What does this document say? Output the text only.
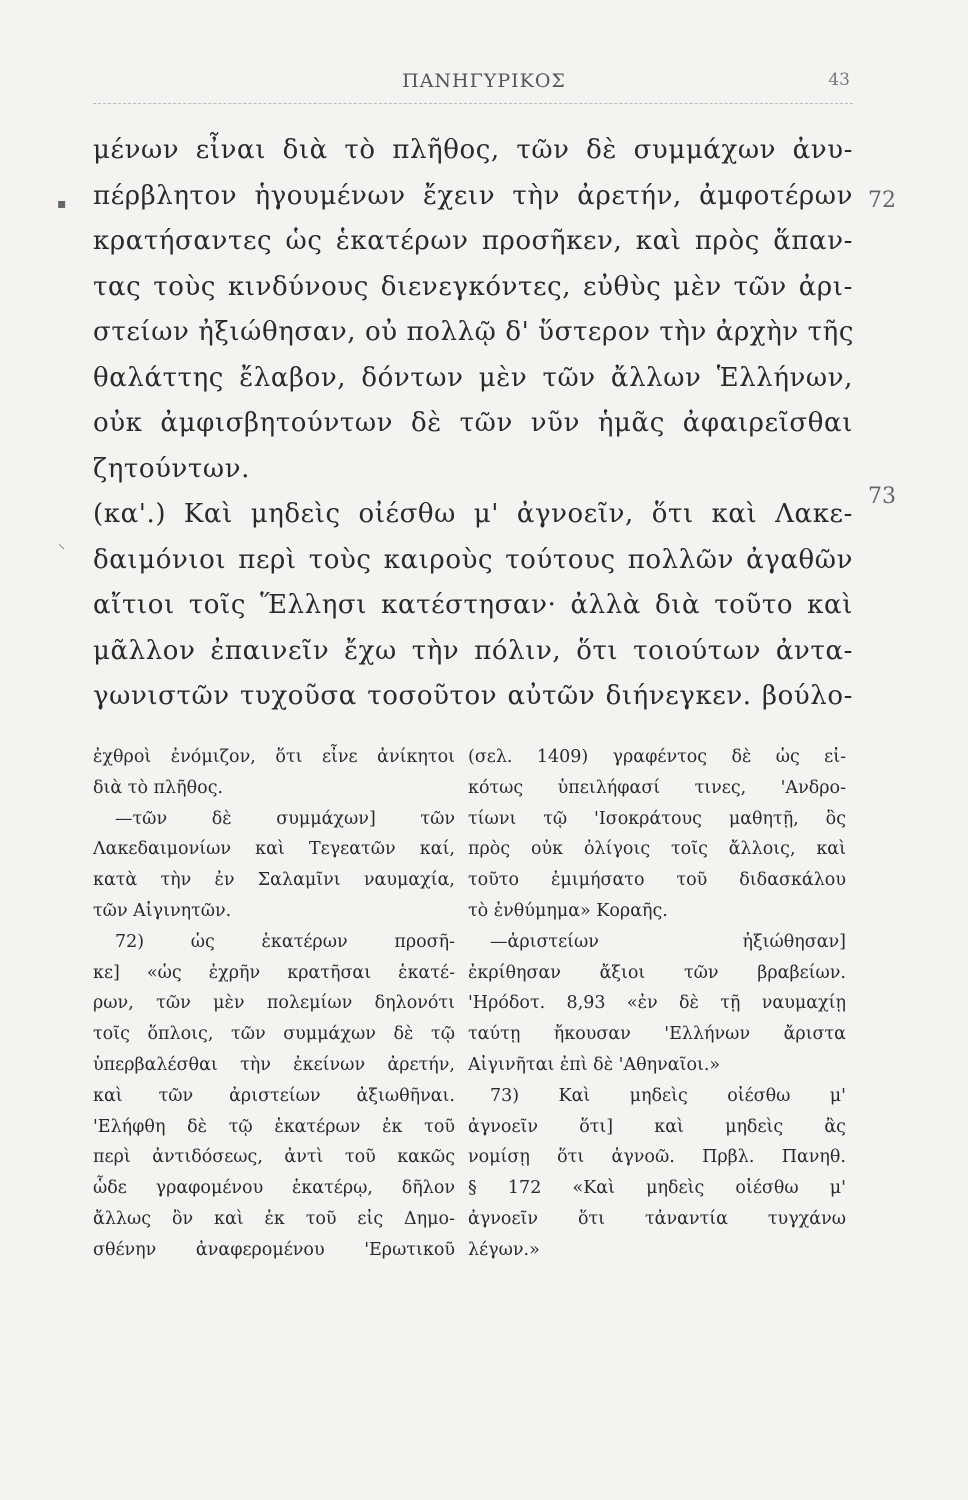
ΠΑΝΗΓΥΡΙΚΟΣ	43
μένων εἶναι διὰ τὸ πλῆθος, τῶν δὲ συμμάχων ἀνυ-
πέρβλητον ἡγουμένων ἔχειν τὴν ἀρετήν, ἀμφοτέρων
κρατήσαντες ὡς ἑκατέρων προσῆκεν, καὶ πρὸς ἅπαν-
τας τοὺς κινδύνους διενεγκόντες, εὐθὺς μὲν τῶν ἀρι-
στείων ἠξιώθησαν, οὐ πολλῷ δ' ὕστερον τὴν ἀρχὴν τῆς
θαλάττης ἔλαβον, δόντων μὲν τῶν ἄλλων Ἑλλήνων,
οὐκ ἀμφισβητούντων δὲ τῶν νῦν ἡμᾶς ἀφαιρεῖσθαι
ζητούντων.
(κα'.) Καὶ μηδεὶς οἰέσθω μ' ἀγνοεῖν, ὅτι καὶ Λακε-
δαιμόνιοι περὶ τοὺς καιροὺς τούτους πολλῶν ἀγαθῶν
αἴτιοι τοῖς Ἕλλησι κατέστησαν· ἀλλὰ διὰ τοῦτο καὶ
μᾶλλον ἐπαινεῖν ἔχω τὴν πόλιν, ὅτι τοιούτων ἀντα-
γωνιστῶν τυχοῦσα τοσοῦτον αὐτῶν διήνεγκεν. βούλο-
72
73
▪
⸌
ἐχθροὶ ἐνόμιζον, ὅτι εἶνε ἀνίκητοι
διὰ τὸ πλῆθος.
—τῶν δὲ συμμάχων] τῶν
Λακεδαιμονίων καὶ Τεγεατῶν καί,
κατὰ τὴν ἐν Σαλαμῖνι ναυμαχία,
τῶν Αἰγινητῶν.
72) ὡς ἑκατέρων προσῆ-
κε] «ὡς ἐχρῆν κρατῆσαι ἑκατέ-
ρων, τῶν μὲν πολεμίων δηλονότι
τοῖς ὅπλοις, τῶν συμμάχων δὲ τῷ
ὑπερβαλέσθαι τὴν ἐκείνων ἀρετήν,
καὶ τῶν ἀριστείων ἀξιωθῆναι.
'Ελήφθη δὲ τῷ ἑκατέρων ἐκ τοῦ
περὶ ἀντιδόσεως, ἀντὶ τοῦ κακῶς
ὧδε γραφομένου ἑκατέρῳ, δῆλον
ἄλλως ὂν καὶ ἐκ τοῦ εἰς Δημο-
σθένην ἀναφερομένου 'Ερωτικοῦ
(σελ. 1409) γραφέντος δὲ ὡς εἰ-
κότως ὑπειλήφασί τινες, 'Ανδρο-
τίωνι τῷ 'Ισοκράτους μαθητῇ, ὃς
πρὸς οὐκ ὀλίγοις τοῖς ἄλλοις, καὶ
τοῦτο ἐμιμήσατο τοῦ διδασκάλου
τὸ ἐνθύμημα» Κοραῆς.
—ἀριστείων ἠξιώθησαν]
ἐκρίθησαν ἄξιοι τῶν βραβείων.
'Ηρόδοτ. 8,93 «ἐν δὲ τῇ ναυμαχίῃ
ταύτῃ ἤκουσαν 'Ελλήνων ἄριστα
Αἰγινῆται ἐπὶ δὲ 'Αθηναῖοι.»
73) Καὶ μηδεὶς οἰέσθω μ'
ἀγνοεῖν ὅτι] καὶ μηδεὶς ἂς
νομίσῃ ὅτι ἀγνοῶ. Πρβλ. Πανηθ.
§ 172 «Καὶ μηδεὶς οἰέσθω μ'
ἀγνοεῖν ὅτι τἀναντία τυγχάνω
λέγων.»
